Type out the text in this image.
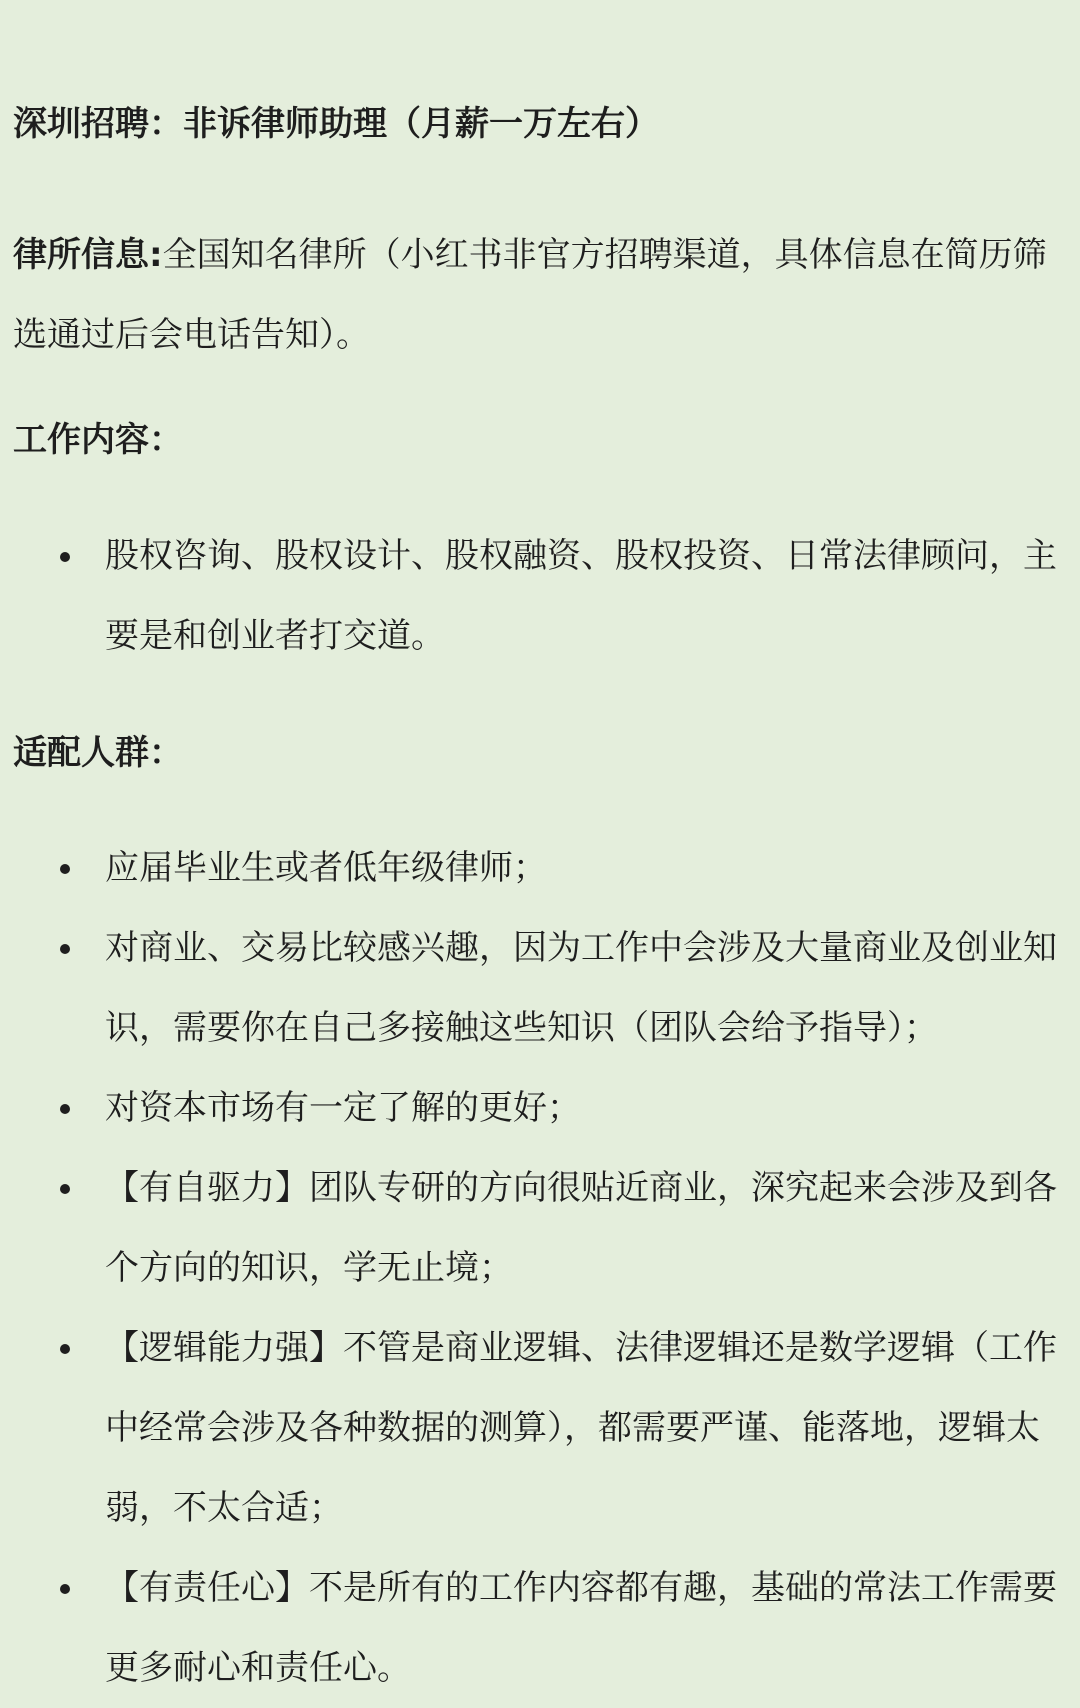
深圳招聘：非诉律师助理（月薪一万左右）

律所信息:全国知名律所（小红书非官方招聘渠道，具体信息在简历筛选通过后会电话告知）。

工作内容：
股权咨询、股权设计、股权融资、股权投资、日常法律顾问，主要是和创业者打交道。
适配人群：
应届毕业生或者低年级律师；
对商业、交易比较感兴趣，因为工作中会涉及大量商业及创业知识，需要你在自己多接触这些知识（团队会给予指导）；
对资本市场有一定了解的更好；
【有自驱力】团队专研的方向很贴近商业，深究起来会涉及到各个方向的知识，学无止境；
【逻辑能力强】不管是商业逻辑、法律逻辑还是数学逻辑（工作中经常会涉及各种数据的测算），都需要严谨、能落地，逻辑太弱，不太合适；
【有责任心】不是所有的工作内容都有趣，基础的常法工作需要更多耐心和责任心。
